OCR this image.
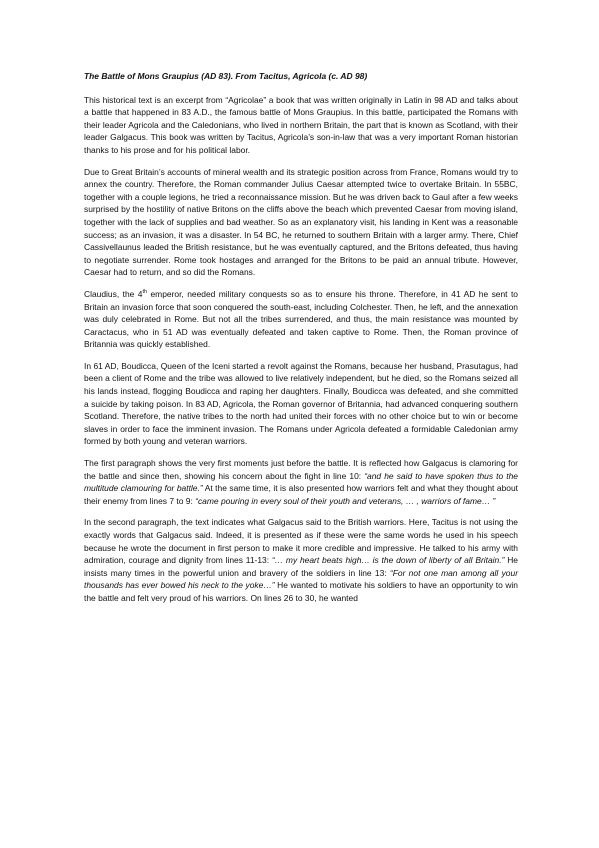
The Battle of Mons Graupius (AD 83). From Tacitus, Agricola (c. AD 98)

This historical text is an excerpt from “Agricolae” a book that was written originally in Latin in 98 AD and talks about a battle that happened in 83 A.D., the famous battle of Mons Graupius. In this battle, participated the Romans with their leader Agricola and the Caledonians, who lived in northern Britain, the part that is known as Scotland, with their leader Galgacus. This book was written by Tacitus, Agricola’s son-in-law that was a very important Roman historian thanks to his prose and for his political labor.

Due to Great Britain’s accounts of mineral wealth and its strategic position across from France, Romans would try to annex the country. Therefore, the Roman commander Julius Caesar attempted twice to overtake Britain. In 55BC, together with a couple legions, he tried a reconnaissance mission. But he was driven back to Gaul after a few weeks surprised by the hostility of native Britons on the cliffs above the beach which prevented Caesar from moving island, together with the lack of supplies and bad weather. So as an explanatory visit, his landing in Kent was a reasonable success; as an invasion, it was a disaster. In 54 BC, he returned to southern Britain with a larger army. There, Chief Cassivellaunus leaded the British resistance, but he was eventually captured, and the Britons defeated, thus having to negotiate surrender. Rome took hostages and arranged for the Britons to be paid an annual tribute. However, Caesar had to return, and so did the Romans.

Claudius, the 4th emperor, needed military conquests so as to ensure his throne. Therefore, in 41 AD he sent to Britain an invasion force that soon conquered the south-east, including Colchester. Then, he left, and the annexation was duly celebrated in Rome. But not all the tribes surrendered, and thus, the main resistance was mounted by Caractacus, who in 51 AD was eventually defeated and taken captive to Rome. Then, the Roman province of Britannia was quickly established.

In 61 AD, Boudicca, Queen of the Iceni started a revolt against the Romans, because her husband, Prasutagus, had been a client of Rome and the tribe was allowed to live relatively independent, but he died, so the Romans seized all his lands instead, flogging Boudicca and raping her daughters. Finally, Boudicca was defeated, and she committed a suicide by taking poison. In 83 AD, Agricola, the Roman governor of Britannia, had advanced conquering southern Scotland. Therefore, the native tribes to the north had united their forces with no other choice but to win or become slaves in order to face the imminent invasion. The Romans under Agricola defeated a formidable Caledonian army formed by both young and veteran warriors.

The first paragraph shows the very first moments just before the battle. It is reflected how Galgacus is clamoring for the battle and since then, showing his concern about the fight in line 10: “and he said to have spoken thus to the multitude clamouring for battle.” At the same time, it is also presented how warriors felt and what they thought about their enemy from lines 7 to 9: “came pouring in every soul of their youth and veterans, … , warriors of fame… ”

In the second paragraph, the text indicates what Galgacus said to the British warriors. Here, Tacitus is not using the exactly words that Galgacus said. Indeed, it is presented as if these were the same words he used in his speech because he wrote the document in first person to make it more credible and impressive. He talked to his army with admiration, courage and dignity from lines 11-13: “… my heart beats high… is the down of liberty of all Britain.” He insists many times in the powerful union and bravery of the soldiers in line 13: “For not one man among all your thousands has ever bowed his neck to the yoke…” He wanted to motivate his soldiers to have an opportunity to win the battle and felt very proud of his warriors. On lines 26 to 30, he wanted
